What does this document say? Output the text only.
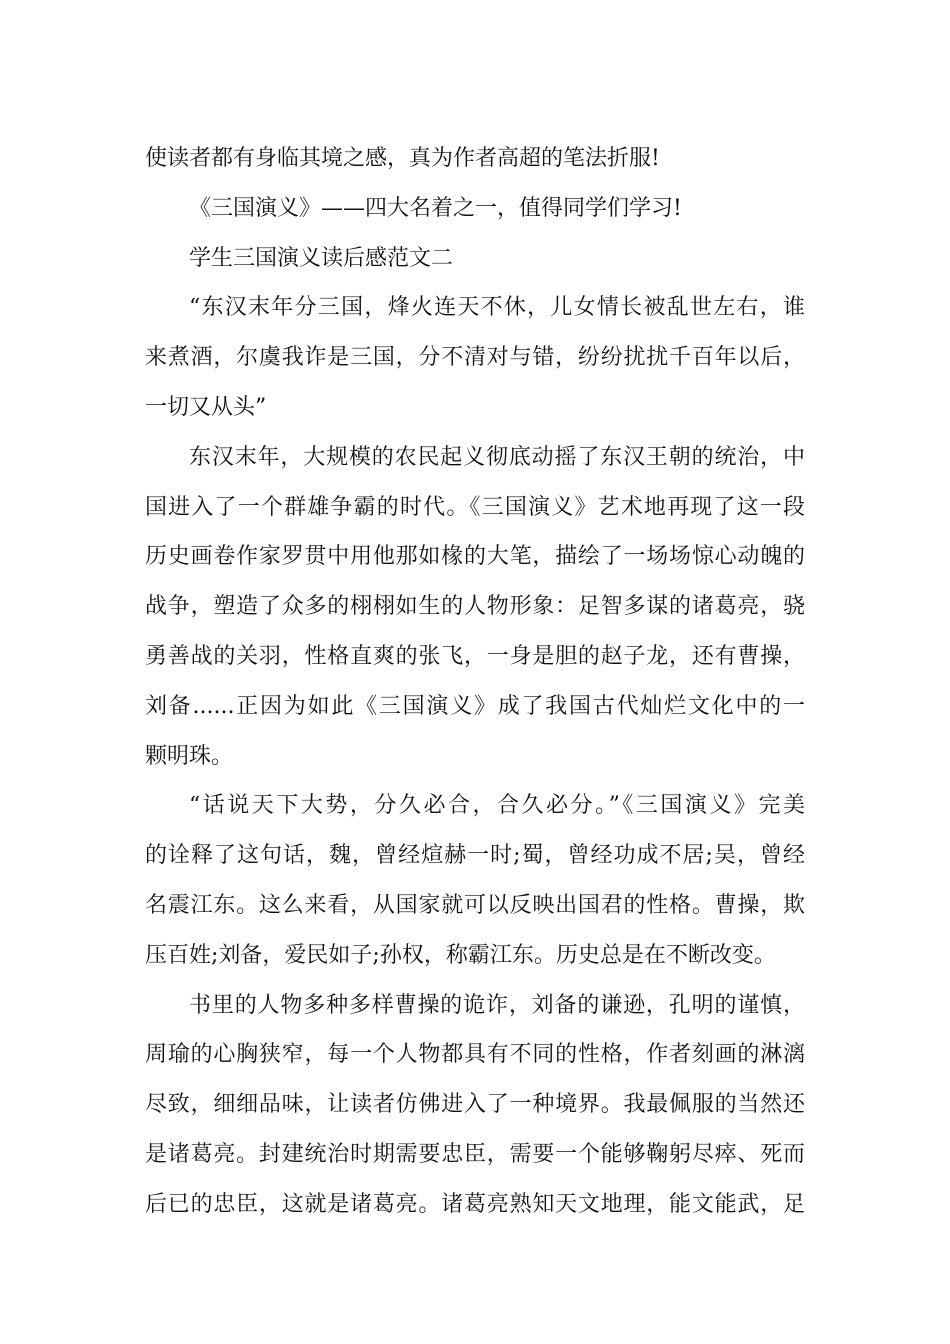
使读者都有身临其境之感，真为作者高超的笔法折服!
《三国演义》——四大名着之一，值得同学们学习!
学生三国演义读后感范文二
“东汉末年分三国，烽火连天不休，儿女情长被乱世左右，谁
来煮酒，尔虞我诈是三国，分不清对与错，纷纷扰扰千百年以后，
一切又从头”
东汉末年，大规模的农民起义彻底动摇了东汉王朝的统治，中
国进入了一个群雄争霸的时代。《三国演义》艺术地再现了这一段
历史画卷作家罗贯中用他那如椽的大笔，描绘了一场场惊心动魄的
战争，塑造了众多的栩栩如生的人物形象：足智多谋的诸葛亮，骁
勇善战的关羽，性格直爽的张飞，一身是胆的赵子龙，还有曹操，
刘备......正因为如此《三国演义》成了我国古代灿烂文化中的一
颗明珠。
“话说天下大势，分久必合，合久必分。”《三国演义》完美
的诠释了这句话，魏，曾经煊赫一时;蜀，曾经功成不居;吴，曾经
名震江东。这么来看，从国家就可以反映出国君的性格。曹操，欺
压百姓;刘备，爱民如子;孙权，称霸江东。历史总是在不断改变。
书里的人物多种多样曹操的诡诈，刘备的谦逊，孔明的谨慎，
周瑜的心胸狭窄，每一个人物都具有不同的性格，作者刻画的淋漓
尽致，细细品味，让读者仿佛进入了一种境界。我最佩服的当然还
是诸葛亮。封建统治时期需要忠臣，需要一个能够鞠躬尽瘁、死而
后已的忠臣，这就是诸葛亮。诸葛亮熟知天文地理，能文能武，足
